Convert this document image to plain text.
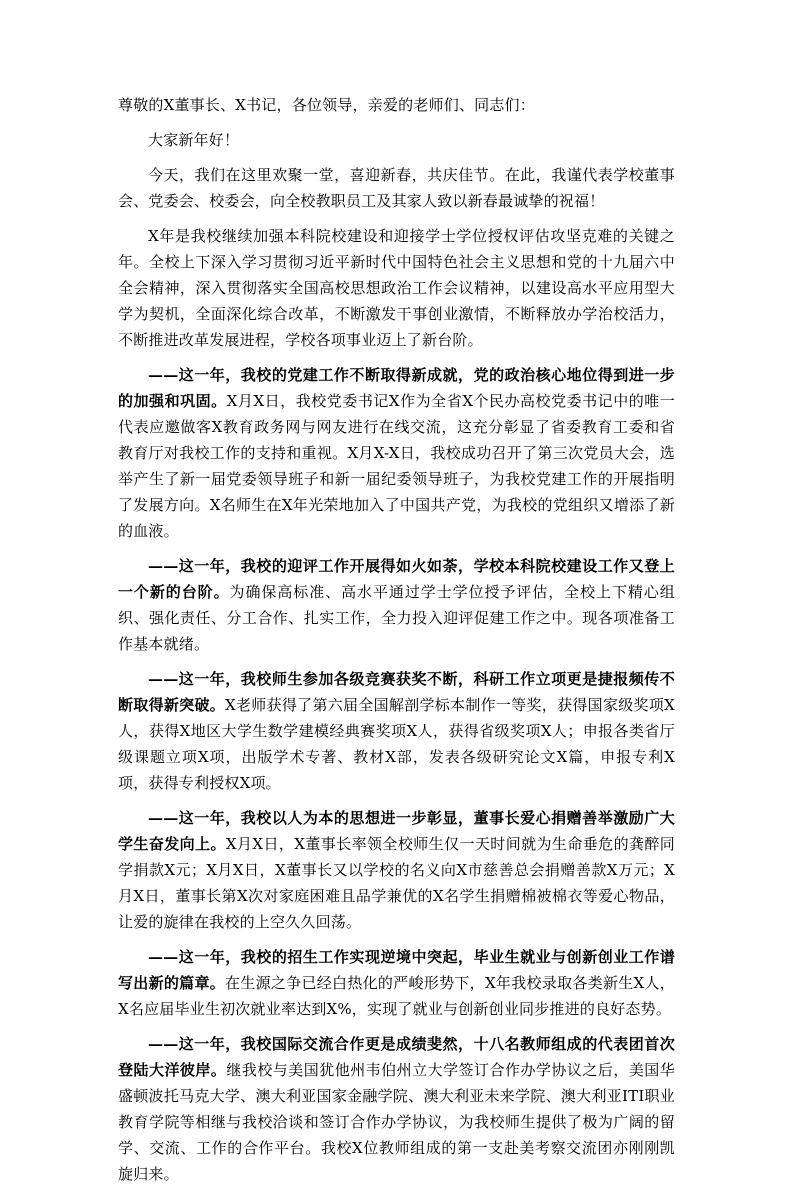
尊敬的X董事长、X书记，各位领导，亲爱的老师们、同志们：

大家新年好！

今天，我们在这里欢聚一堂，喜迎新春，共庆佳节。在此，我谨代表学校董事会、党委会、校委会，向全校教职员工及其家人致以新春最诚挚的祝福！

X年是我校继续加强本科院校建设和迎接学士学位授权评估攻坚克难的关键之年。全校上下深入学习贯彻习近平新时代中国特色社会主义思想和党的十九届六中全会精神，深入贯彻落实全国高校思想政治工作会议精神，以建设高水平应用型大学为契机，全面深化综合改革，不断激发干事创业激情，不断释放办学治校活力，不断推进改革发展进程，学校各项事业迈上了新台阶。

——这一年，我校的党建工作不断取得新成就，党的政治核心地位得到进一步的加强和巩固。X月X日，我校党委书记X作为全省X个民办高校党委书记中的唯一代表应邀做客X教育政务网与网友进行在线交流，这充分彰显了省委教育工委和省教育厅对我校工作的支持和重视。X月X-X日，我校成功召开了第三次党员大会，选举产生了新一届党委领导班子和新一届纪委领导班子，为我校党建工作的开展指明了发展方向。X名师生在X年光荣地加入了中国共产党，为我校的党组织又增添了新的血液。

——这一年，我校的迎评工作开展得如火如荼，学校本科院校建设工作又登上一个新的台阶。为确保高标准、高水平通过学士学位授予评估，全校上下精心组织、强化责任、分工合作、扎实工作，全力投入迎评促建工作之中。现各项准备工作基本就绪。

——这一年，我校师生参加各级竞赛获奖不断，科研工作立项更是捷报频传不断取得新突破。X老师获得了第六届全国解剖学标本制作一等奖，获得国家级奖项X人，获得X地区大学生数学建模经典赛奖项X人，获得省级奖项X人；申报各类省厅级课题立项X项，出版学术专著、教材X部，发表各级研究论文X篇，申报专利X项，获得专利授权X项。

——这一年，我校以人为本的思想进一步彰显，董事长爱心捐赠善举激励广大学生奋发向上。X月X日，X董事长率领全校师生仅一天时间就为生命垂危的龚醉同学捐款X元；X月X日，X董事长又以学校的名义向X市慈善总会捐赠善款X万元；X月X日，董事长第X次对家庭困难且品学兼优的X名学生捐赠棉被棉衣等爱心物品，让爱的旋律在我校的上空久久回荡。

——这一年，我校的招生工作实现逆境中突起，毕业生就业与创新创业工作谱写出新的篇章。在生源之争已经白热化的严峻形势下，X年我校录取各类新生X人，X名应届毕业生初次就业率达到X%，实现了就业与创新创业同步推进的良好态势。

——这一年，我校国际交流合作更是成绩斐然，十八名教师组成的代表团首次登陆大洋彼岸。继我校与美国犹他州韦伯州立大学签订合作办学协议之后，美国华盛顿波托马克大学、澳大利亚国家金融学院、澳大利亚未来学院、澳大利亚ITI职业教育学院等相继与我校洽谈和签订合作办学协议，为我校师生提供了极为广阔的留学、交流、工作的合作平台。我校X位教师组成的第一支赴美考察交流团亦刚刚凯旋归来。
